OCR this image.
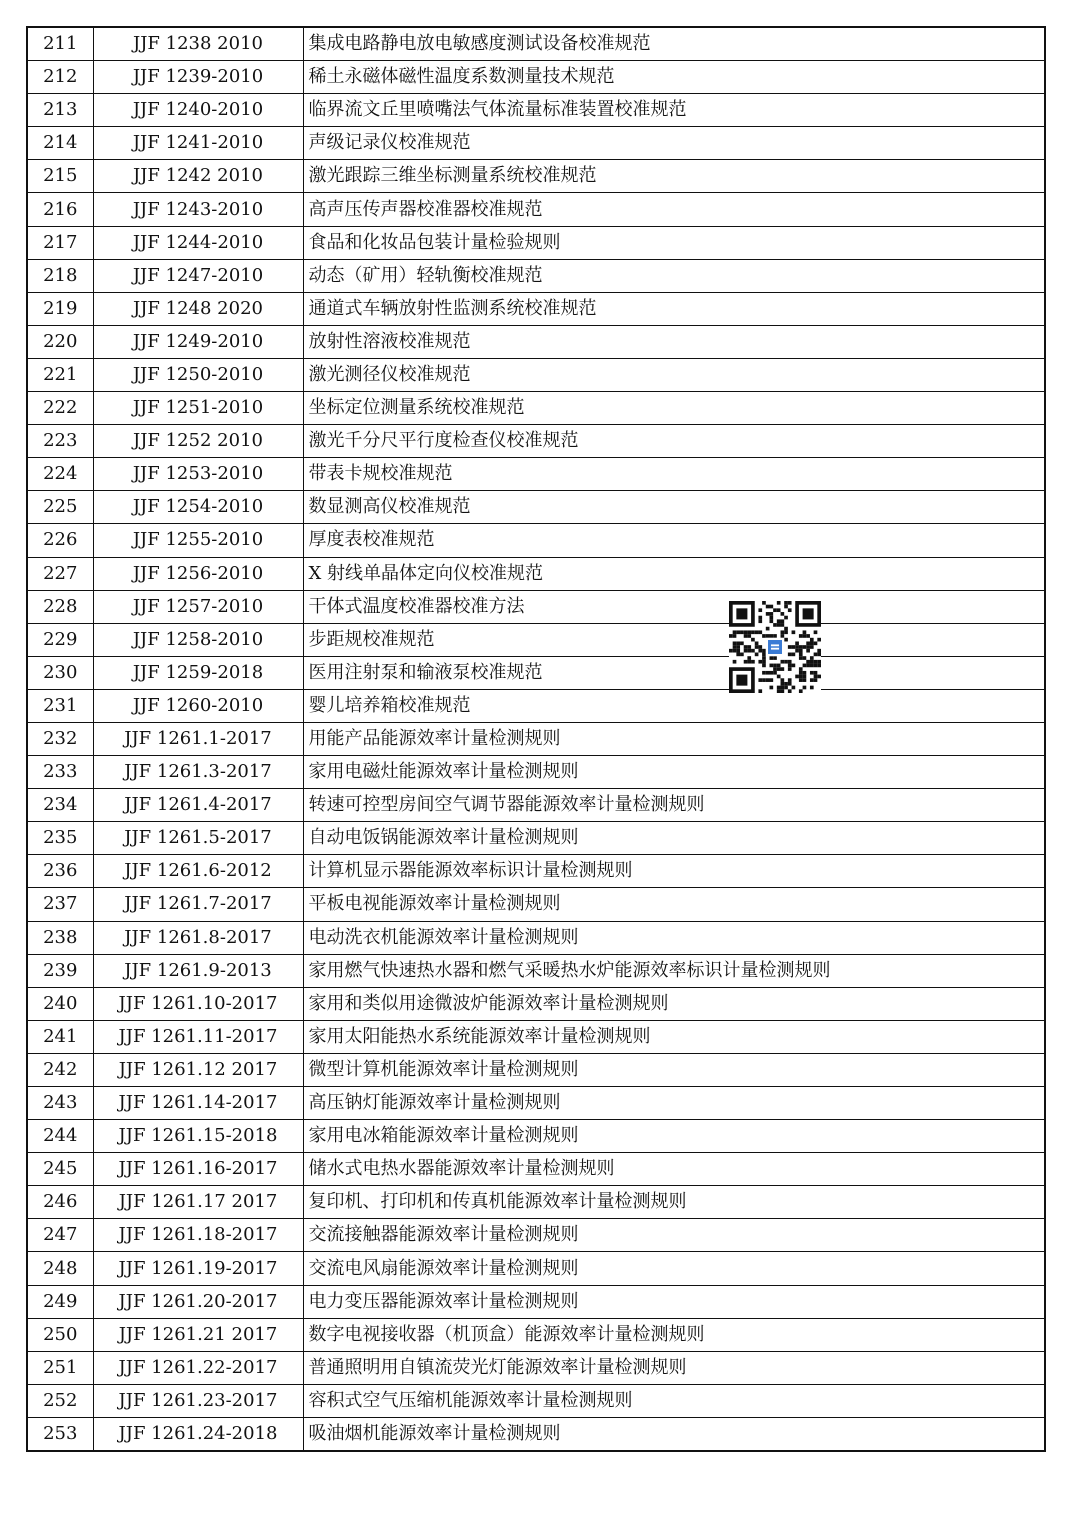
211	JJF 1238 2010	集成电路静电放电敏感度测试设备校准规范
212	JJF 1239-2010	稀土永磁体磁性温度系数测量技术规范
213	JJF 1240-2010	临界流文丘里喷嘴法气体流量标准装置校准规范
214	JJF 1241-2010	声级记录仪校准规范
215	JJF 1242 2010	激光跟踪三维坐标测量系统校准规范
216	JJF 1243-2010	高声压传声器校准器校准规范
217	JJF 1244-2010	食品和化妆品包装计量检验规则
218	JJF 1247-2010	动态（矿用）轻轨衡校准规范
219	JJF 1248 2020	通道式车辆放射性监测系统校准规范
220	JJF 1249-2010	放射性溶液校准规范
221	JJF 1250-2010	激光测径仪校准规范
222	JJF 1251-2010	坐标定位测量系统校准规范
223	JJF 1252 2010	激光千分尺平行度检查仪校准规范
224	JJF 1253-2010	带表卡规校准规范
225	JJF 1254-2010	数显测高仪校准规范
226	JJF 1255-2010	厚度表校准规范
227	JJF 1256-2010	X 射线单晶体定向仪校准规范
228	JJF 1257-2010	干体式温度校准器校准方法
229	JJF 1258-2010	步距规校准规范
230	JJF 1259-2018	医用注射泵和输液泵校准规范
231	JJF 1260-2010	婴儿培养箱校准规范
232	JJF 1261.1-2017	用能产品能源效率计量检测规则
233	JJF 1261.3-2017	家用电磁灶能源效率计量检测规则
234	JJF 1261.4-2017	转速可控型房间空气调节器能源效率计量检测规则
235	JJF 1261.5-2017	自动电饭锅能源效率计量检测规则
236	JJF 1261.6-2012	计算机显示器能源效率标识计量检测规则
237	JJF 1261.7-2017	平板电视能源效率计量检测规则
238	JJF 1261.8-2017	电动洗衣机能源效率计量检测规则
239	JJF 1261.9-2013	家用燃气快速热水器和燃气采暖热水炉能源效率标识计量检测规则
240	JJF 1261.10-2017	家用和类似用途微波炉能源效率计量检测规则
241	JJF 1261.11-2017	家用太阳能热水系统能源效率计量检测规则
242	JJF 1261.12 2017	微型计算机能源效率计量检测规则
243	JJF 1261.14-2017	高压钠灯能源效率计量检测规则
244	JJF 1261.15-2018	家用电冰箱能源效率计量检测规则
245	JJF 1261.16-2017	储水式电热水器能源效率计量检测规则
246	JJF 1261.17 2017	复印机、打印机和传真机能源效率计量检测规则
247	JJF 1261.18-2017	交流接触器能源效率计量检测规则
248	JJF 1261.19-2017	交流电风扇能源效率计量检测规则
249	JJF 1261.20-2017	电力变压器能源效率计量检测规则
250	JJF 1261.21 2017	数字电视接收器（机顶盒）能源效率计量检测规则
251	JJF 1261.22-2017	普通照明用自镇流荧光灯能源效率计量检测规则
252	JJF 1261.23-2017	容积式空气压缩机能源效率计量检测规则
253	JJF 1261.24-2018	吸油烟机能源效率计量检测规则
